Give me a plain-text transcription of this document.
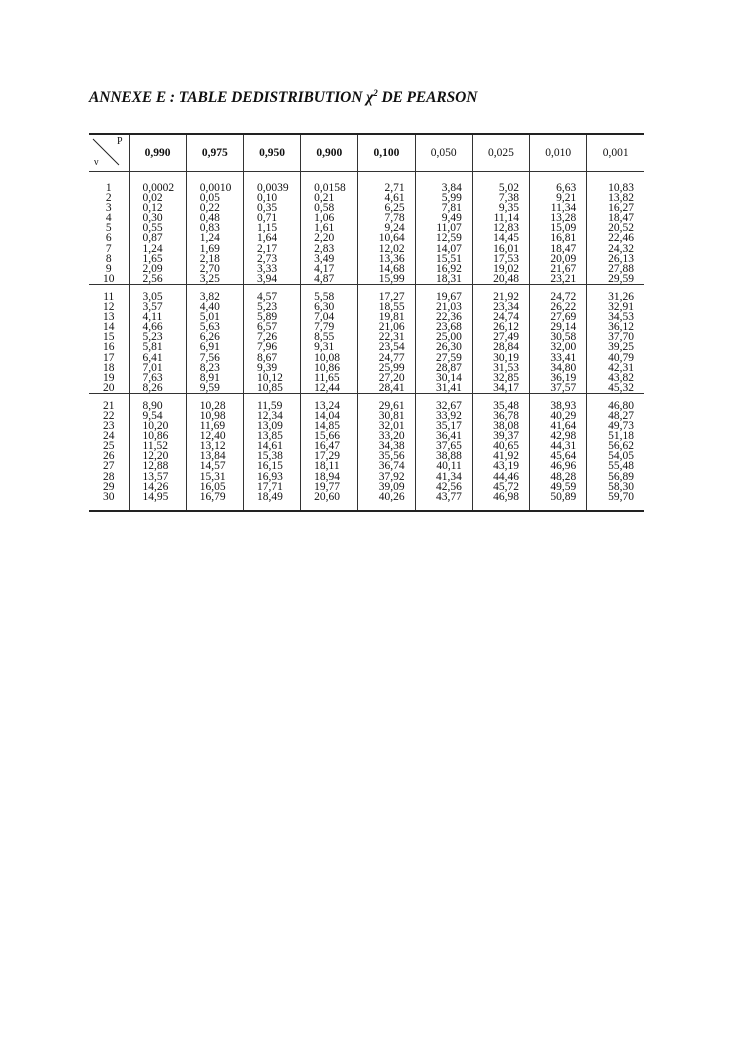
ANNEXE E : TABLE DEDISTRIBUTION $\chi^2$ DE PEARSON
P
ν	0,990	0,975	0,950	0,900	0,100	0,050	0,025	0,010	0,001

1	0,0002	0,0010	0,0039	0,0158	2,71	3,84	5,02	6,63	10,83
2	0,02	0,05	0,10	0,21	4,61	5,99	7,38	9,21	13,82
3	0,12	0,22	0,35	0,58	6,25	7,81	9,35	11,34	16,27
4	0,30	0,48	0,71	1,06	7,78	9,49	11,14	13,28	18,47
5	0,55	0,83	1,15	1,61	9,24	11,07	12,83	15,09	20,52
6	0,87	1,24	1,64	2,20	10,64	12,59	14,45	16,81	22,46
7	1,24	1,69	2,17	2,83	12,02	14,07	16,01	18,47	24,32
8	1,65	2,18	2,73	3,49	13,36	15,51	17,53	20,09	26,13
9	2,09	2,70	3,33	4,17	14,68	16,92	19,02	21,67	27,88
10	2,56	3,25	3,94	4,87	15,99	18,31	20,48	23,21	29,59

11	3,05	3,82	4,57	5,58	17,27	19,67	21,92	24,72	31,26
12	3,57	4,40	5,23	6,30	18,55	21,03	23,34	26,22	32,91
13	4,11	5,01	5,89	7,04	19,81	22,36	24,74	27,69	34,53
14	4,66	5,63	6,57	7,79	21,06	23,68	26,12	29,14	36,12
15	5,23	6,26	7,26	8,55	22,31	25,00	27,49	30,58	37,70
16	5,81	6,91	7,96	9,31	23,54	26,30	28,84	32,00	39,25
17	6,41	7,56	8,67	10,08	24,77	27,59	30,19	33,41	40,79
18	7,01	8,23	9,39	10,86	25,99	28,87	31,53	34,80	42,31
19	7,63	8,91	10,12	11,65	27,20	30,14	32,85	36,19	43,82
20	8,26	9,59	10,85	12,44	28,41	31,41	34,17	37,57	45,32

21	8,90	10,28	11,59	13,24	29,61	32,67	35,48	38,93	46,80
22	9,54	10,98	12,34	14,04	30,81	33,92	36,78	40,29	48,27
23	10,20	11,69	13,09	14,85	32,01	35,17	38,08	41,64	49,73
24	10,86	12,40	13,85	15,66	33,20	36,41	39,37	42,98	51,18
25	11,52	13,12	14,61	16,47	34,38	37,65	40,65	44,31	56,62
26	12,20	13,84	15,38	17,29	35,56	38,88	41,92	45,64	54,05
27	12,88	14,57	16,15	18,11	36,74	40,11	43,19	46,96	55,48
28	13,57	15,31	16,93	18,94	37,92	41,34	44,46	48,28	56,89
29	14,26	16,05	17,71	19,77	39,09	42,56	45,72	49,59	58,30
30	14,95	16,79	18,49	20,60	40,26	43,77	46,98	50,89	59,70
